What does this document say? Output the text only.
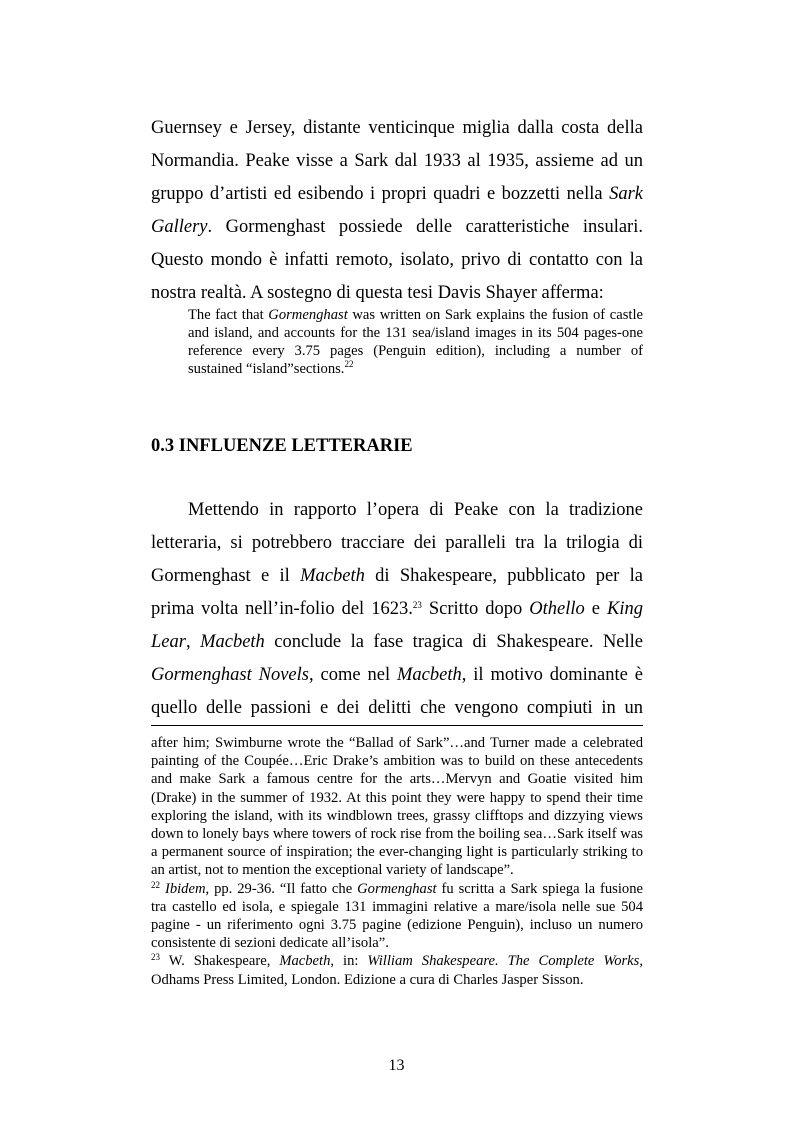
Guernsey e Jersey, distante venticinque miglia dalla costa della
Normandia. Peake visse a Sark dal 1933 al 1935, assieme ad un
gruppo d’artisti ed esibendo i propri quadri e bozzetti nella Sark
Gallery. Gormenghast possiede delle caratteristiche insulari.
Questo mondo è infatti remoto, isolato, privo di contatto con la
nostra realtà. A sostegno di questa tesi Davis Shayer afferma:

The fact that Gormenghast was written on Sark explains the fusion of castle and island, and accounts for the 131 sea/island images in its 504 pages-one reference every 3.75 pages (Penguin edition), including a number of sustained “island”sections.$^{22}$

0.3 INFLUENZE LETTERARIE

Mettendo in rapporto l’opera di Peake con la tradizione
letteraria, si potrebbero tracciare dei paralleli tra la trilogia di
Gormenghast e il Macbeth di Shakespeare, pubblicato per la
prima volta nell’in-folio del 1623.23 Scritto dopo Othello e King
Lear, Macbeth conclude la fase tragica di Shakespeare. Nelle
Gormenghast Novels, come nel Macbeth, il motivo dominante è
quello delle passioni e dei delitti che vengono compiuti in un

after him; Swimburne wrote the “Ballad of Sark”…and Turner made a celebrated painting of the Coupée…Eric Drake’s ambition was to build on these antecedents and make Sark a famous centre for the arts…Mervyn and Goatie visited him (Drake) in the summer of 1932. At this point they were happy to spend their time exploring the island, with its windblown trees, grassy clifftops and dizzying views down to lonely bays where towers of rock rise from the boiling sea…Sark itself was a permanent source of inspiration; the ever-changing light is particularly striking to an artist, not to mention the exceptional variety of landscape”.
$^{22}$ Ibidem, pp. 29-36. “Il fatto che Gormenghast fu scritta a Sark spiega la fusione tra castello ed isola, e spiegale 131 immagini relative a mare/isola nelle sue 504 pagine - un riferimento ogni 3.75 pagine (edizione Penguin), incluso un numero consistente di sezioni dedicate all’isola”.
$^{23}$ W. Shakespeare, Macbeth, in: William Shakespeare. The Complete Works, Odhams Press Limited, London. Edizione a cura di Charles Jasper Sisson.
13
